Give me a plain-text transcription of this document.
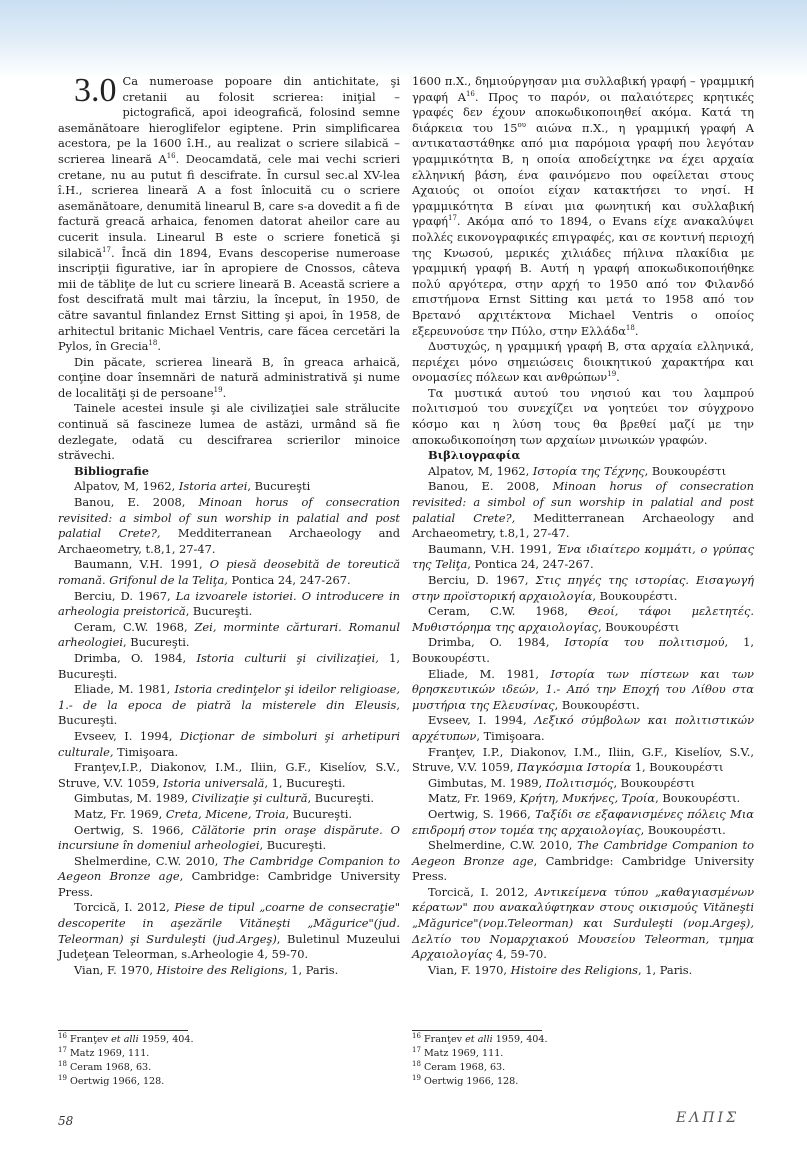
3.0 Ca numeroase popoare din antichitate, şi cretanii au folosit scrierea: iniţial – pictografică, apoi ideografică, folosind semne asemănătoare hieroglifelor egiptene. Prin simplificarea acestora, pe la 1600 î.H., au realizat o scriere silabică – scrierea lineară $A^{16}$. Deocamdată, cele mai vechi scrieri cretane, nu au putut fi descifrate. În cursul sec.al XV-lea î.H., scrierea lineară A a fost înlocuită cu o scriere asemănătoare, denumită linearul B, care s-a dovedit a fi de factură greacă arhaica, fenomen datorat aheilor care au cucerit insula. Linearul B este o scriere fonetică şi silabică$^{17}$. Încă din 1894, Evans descoperise numeroase inscripţii figurative, iar în apropiere de Cnossos, câteva mii de tăbliţe de lut cu scriere lineară B. Această scriere a fost descifrată mult mai târziu, la început, în 1950, de către savantul finlandez Ernst Sitting şi apoi, în 1958, de arhitectul britanic Michael Ventris, care făcea cercetări la Pylos, în Grecia$^{18}$.

Din păcate, scrierea lineară B, în greaca arhaică, conţine doar însemnări de natură administrativă şi nume de localităţi şi de persoane$^{19}$.

Tainele acestei insule şi ale civilizaţiei sale strălucite continuă să fascineze lumea de astăzi, urmând să fie dezlegate, odată cu descifrarea scrierilor minoice străvechi.

Bibliografie

Alpatov, M, 1962, Istoria artei, Bucureşti

Banou, E. 2008, Minoan horus of consecration revisited: a simbol of sun worship in palatial and post palatial Crete?, Medditerranean Archaeology and Archaeometry, t.8,1, 27-47.

Baumann, V.H. 1991, O piesă deosebită de toreutică romană. Grifonul de la Teliţa, Pontica 24, 247-267.

Berciu, D. 1967, La izvoarele istoriei. O introducere in arheologia preistorică, Bucureşti.

Ceram, C.W. 1968, Zei, morminte cărturari. Romanul arheologiei, Bucureşti.

Drimba, O. 1984, Istoria culturii şi civilizaţiei, 1, Bucureşti.

Eliade, M. 1981, Istoria credinţelor şi ideilor religioase, 1.- de la epoca de piatră la misterele din Eleusis, Bucureşti.

Evseev, I. 1994, Dicţionar de simboluri şi arhetipuri culturale, Timişoara.

Franţev,I.P., Diakonov, I.M., Iliin, G.F., Kiselíov, S.V., Struve, V.V. 1059, Istoria universală, 1, Bucureşti.

Gimbutas, M. 1989, Civilizaţie şi cultură, Bucureşti.

Matz, Fr. 1969, Creta, Micene, Troia, Bucureşti.

Oertwig, S. 1966, Călătorie prin oraşe dispărute. O incursiune în domeniul arheologiei, Bucureşti.

Shelmerdine, C.W. 2010, The Cambridge Companion to Aegeon Bronze age, Cambridge: Cambridge University Press.

Torcică, I. 2012, Piese de tipul „coarne de consecraţie" descoperite in aşezările Vităneşti „Măgurice"(jud. Teleorman) şi Surduleşti (jud.Argeş), Buletinul Muzeului Judeţean Teleorman, s.Arheologie 4, 59-70.

Vian, F. 1970, Histoire des Religions, 1, Paris.

$^{16}$ Franţev et alli 1959, 404.

$^{17}$ Matz 1969, 111.

$^{18}$ Ceram 1968, 63.

$^{19}$ Oertwig 1966, 128.

1600 π.Χ., δημιούργησαν μια συλλαβική γραφή – γραμμική γραφή $A^{16}$. Προς το παρόν, οι παλαιότερες κρητικές γραφές δεν έχουν αποκωδικοποιηθεί ακόμα. Κατά τη διάρκεια του $15^{o\upsilon}$ αιώνα π.Χ., η γραμμική γραφή Α αντικαταστάθηκε από μια παρόμοια γραφή που λεγόταν γραμμικότητα Β, η οποία αποδείχτηκε να έχει αρχαία ελληνική βάση, ένα φαινόμενο που οφείλεται στους Αχαιούς οι οποίοι είχαν κατακτήσει το νησί. Η γραμμικότητα Β είναι μια φωνητική και συλλαβική γραφή$^{17}$. Ακόμα από το 1894, ο Evans είχε ανακαλύψει πολλές εικονογραφικές επιγραφές, και σε κοντινή περιοχή της Κνωσού, μερικές χιλιάδες πήλινα πλακίδια με γραμμική γραφή Β. Αυτή η γραφή αποκωδικοποιήθηκε πολύ αργότερα, στην αρχή το 1950 από τον Φιλανδό επιστήμονα Ernst Sitting και μετά το 1958 από τον Βρετανό αρχιτέκτονα Michael Ventris ο οποίος εξερευνούσε την Πύλο, στην Ελλάδα$^{18}$.

Δυστυχώς, η γραμμική γραφή Β, στα αρχαία ελληνικά, περιέχει μόνο σημειώσεις διοικητικού χαρακτήρα και ονομασίες πόλεων και ανθρώπων$^{19}$.

Τα μυστικά αυτού του νησιού και του λαμπρού πολιτισμού του συνεχίζει να γοητεύει τον σύγχρονο κόσμο και η λύση τους θα βρεθεί μαζί με την αποκωδικοποίηση των αρχαίων μινωικών γραφών.

Βιβλιογραφία

Alpatov, M, 1962, Ιστορία της Τέχνης, Βουκουρέστι

Banou, E. 2008, Minoan horus of consecration revisited: a simbol of sun worship in palatial and post palatial Crete?, Meditterranean Archaeology and Archaeometry, t.8,1, 27-47.

Baumann, V.H. 1991, Ένα ιδιαίτερο κομμάτι, ο γρύπας της Teliţa, Pontica 24, 247-267.

Berciu, D. 1967, Στις πηγές της ιστορίας. Εισαγωγή στην προϊστορική αρχαιολογία, Βουκουρέστι.

Ceram, C.W. 1968, Θεοί, τάφοι μελετητές. Μυθιστόρημα της αρχαιολογίας, Βουκουρέστι

Drimba, O. 1984, Ιστορία του πολιτισμού, 1, Βουκουρέστι.

Eliade, M. 1981, Ιστορία των πίστεων και των θρησκευτικών ιδεών, 1.- Από την Εποχή του Λίθου στα μυστήρια της Ελευσίνας, Βουκουρέστι.

Evseev, I. 1994, Λεξικό σύμβολων και πολιτιστικών αρχέτυπων, Timişoara.

Franţev, I.P., Diakonov, I.M., Iliin, G.F., Kiselíov, S.V., Struve, V.V. 1059, Παγκόσμια Ιστορία 1, Βουκουρέστι

Gimbutas, M. 1989, Πολιτισμός, Βουκουρέστι

Matz, Fr. 1969, Κρήτη, Μυκήνες, Τροία, Βουκουρέστι.

Oertwig, S. 1966, Ταξίδι σε εξαφανισμένες πόλεις Μια επιδρομή στον τομέα της αρχαιολογίας, Βουκουρέστι.

Shelmerdine, C.W. 2010, The Cambridge Companion to Aegeon Bronze age, Cambridge: Cambridge University Press.

Torcică, I. 2012, Αντικείμενα τύπου „καθαγιασμένων κέρατων" που ανακαλύφτηκαν στους οικισμούς Vităneşti „Măgurice"(νομ.Teleorman) και Surduleşti (νομ.Argeş), Δελτίο του Νομαρχιακού Μουσείου Teleorman, τμημα Αρχαιολογίας 4, 59-70.

Vian, F. 1970, Histoire des Religions, 1, Paris.

$^{16}$ Franţev et alli 1959, 404.

$^{17}$ Matz 1969, 111.

$^{18}$ Ceram 1968, 63.

$^{19}$ Oertwig 1966, 128.

58	ΕΛΠΙΣ
